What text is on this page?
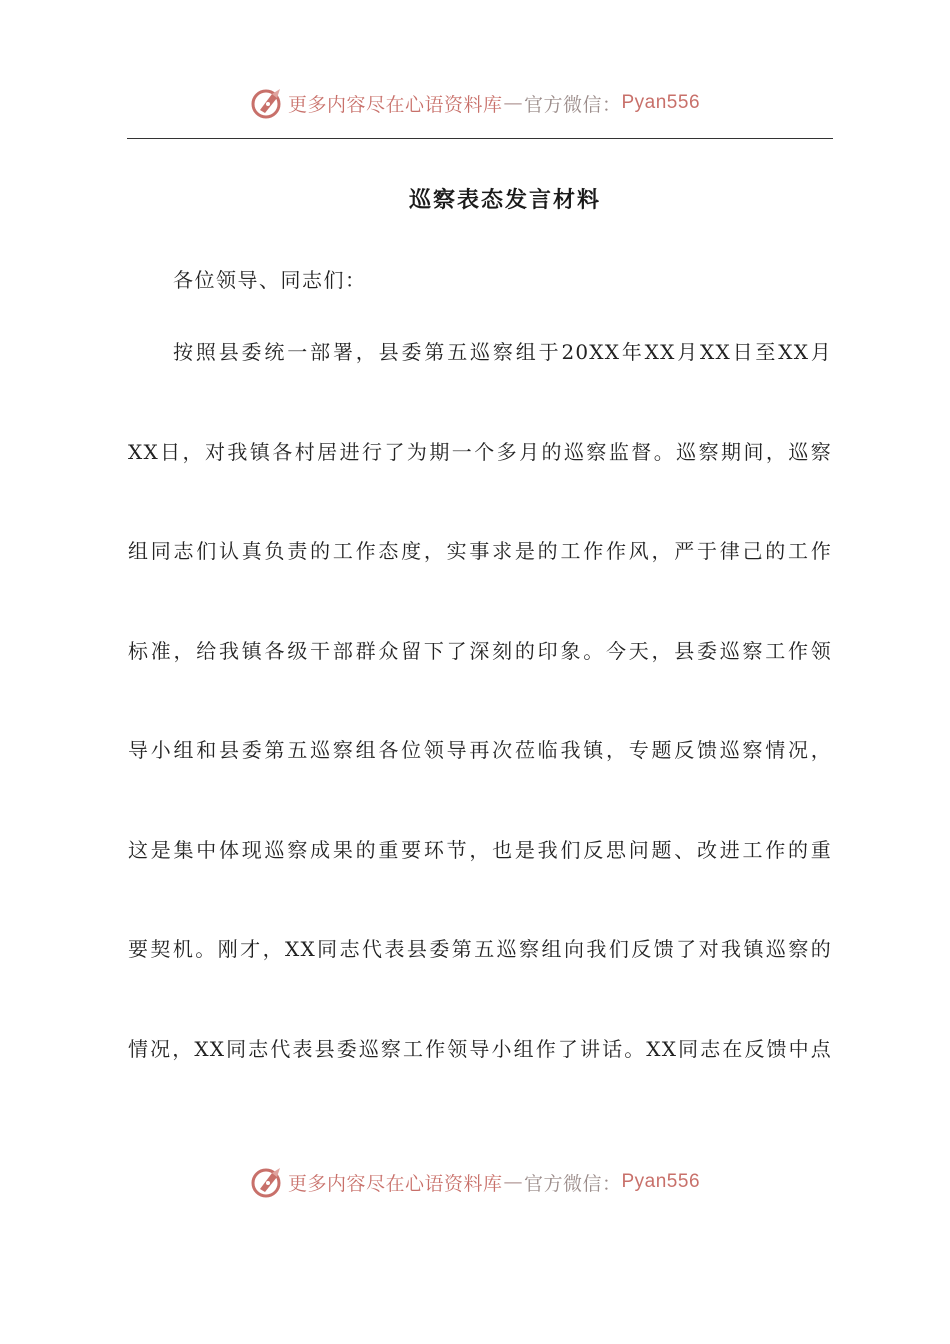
更多内容尽在心语资料库 — 官方微信： Pyan556
巡察表态发言材料
各位领导、同志们：
按照县委统一部署，县委第五巡察组于20XX年XX月XX日至XX月
XX日，对我镇各村居进行了为期一个多月的巡察监督。巡察期间，巡察
组同志们认真负责的工作态度，实事求是的工作作风，严于律己的工作
标准，给我镇各级干部群众留下了深刻的印象。今天，县委巡察工作领
导小组和县委第五巡察组各位领导再次莅临我镇，专题反馈巡察情况，
这是集中体现巡察成果的重要环节，也是我们反思问题、改进工作的重
要契机。刚才，XX同志代表县委第五巡察组向我们反馈了对我镇巡察的
情况，XX同志代表县委巡察工作领导小组作了讲话。XX同志在反馈中点
更多内容尽在心语资料库 — 官方微信： Pyan556
